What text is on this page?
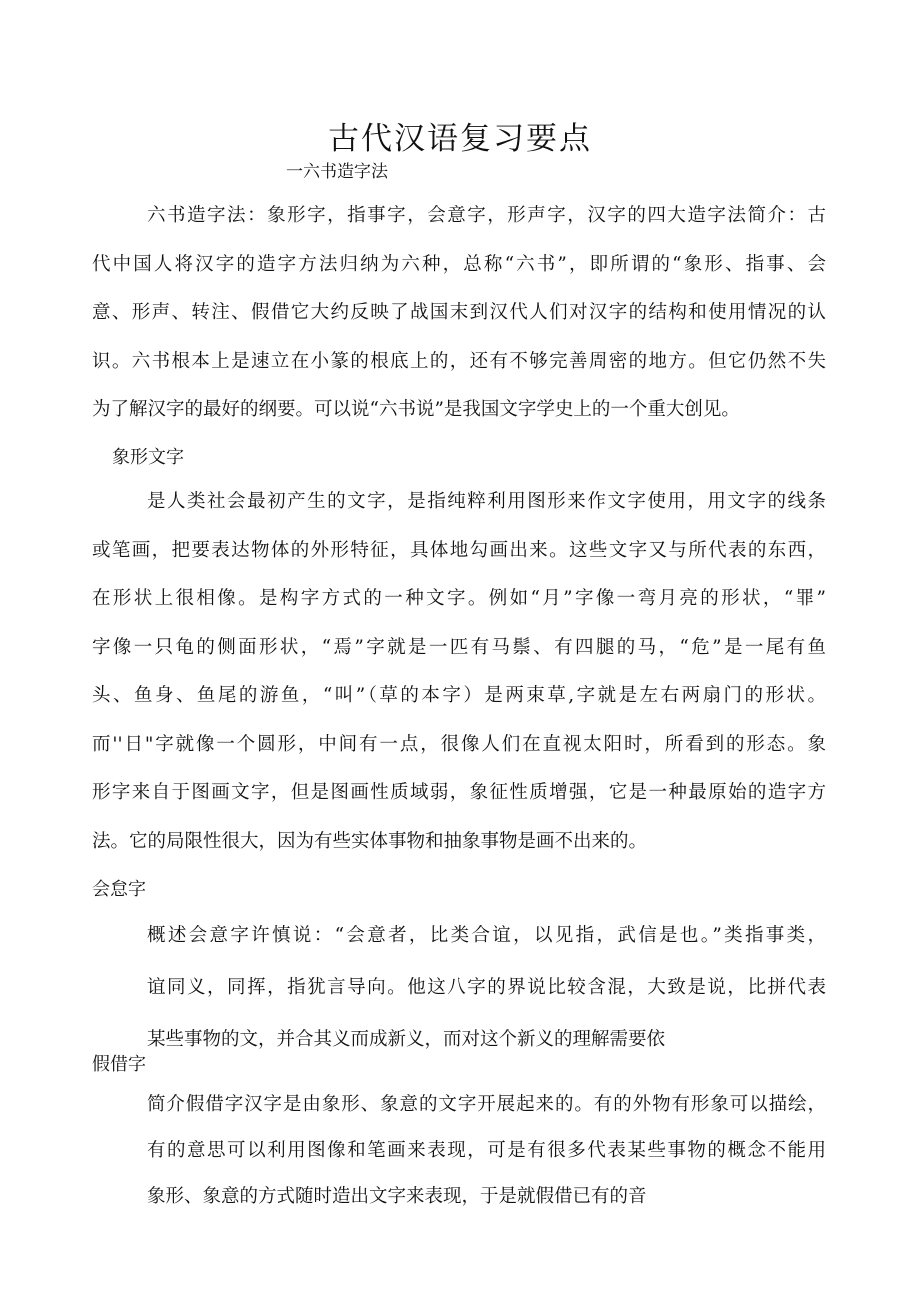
古代汉语复习要点
一六书造字法
六书造字法：象形字，指事字，会意字，形声字，汉字的四大造字法简介：古
代中国人将汉字的造字方法归纳为六种，总称“六书”，即所谓的“象形、指事、会
意、形声、转注、假借它大约反映了战国末到汉代人们对汉字的结构和使用情况的认
识。六书根本上是速立在小篆的根底上的，还有不够完善周密的地方。但它仍然不失
为了解汉字的最好的纲要。可以说“六书说”是我国文字学史上的一个重大创见。
象形文字
是人类社会最初产生的文字，是指纯粹利用图形来作文字使用，用文字的线条
或笔画，把要表达物体的外形特征，具体地勾画出来。这些文字又与所代表的东西，
在形状上很相像。是构字方式的一种文字。例如“月”字像一弯月亮的形状，“罪”
字像一只龟的侧面形状，“焉”字就是一匹有马鬃、有四腿的马，“危”是一尾有鱼
头、鱼身、鱼尾的游鱼，“叫”（草的本字）是两束草,字就是左右两扇门的形状。
而''日"字就像一个圆形，中间有一点，很像人们在直视太阳时，所看到的形态。象
形字来自于图画文字，但是图画性质域弱，象征性质增强，它是一种最原始的造字方
法。它的局限性很大，因为有些实体事物和抽象事物是画不出来的。
会怠字
概述会意字许慎说：“会意者，比类合谊，以见指，武信是也。”类指事类，
谊同义，同挥，指犹言导向。他这八字的界说比较含混，大致是说，比拼代表
某些事物的文，并合其义而成新义，而对这个新义的理解需要依
假借字
简介假借字汉字是由象形、象意的文字开展起来的。有的外物有形象可以描绘，
有的意思可以利用图像和笔画来表现，可是有很多代表某些事物的概念不能用
象形、象意的方式随时造出文字来表现，于是就假借已有的音
